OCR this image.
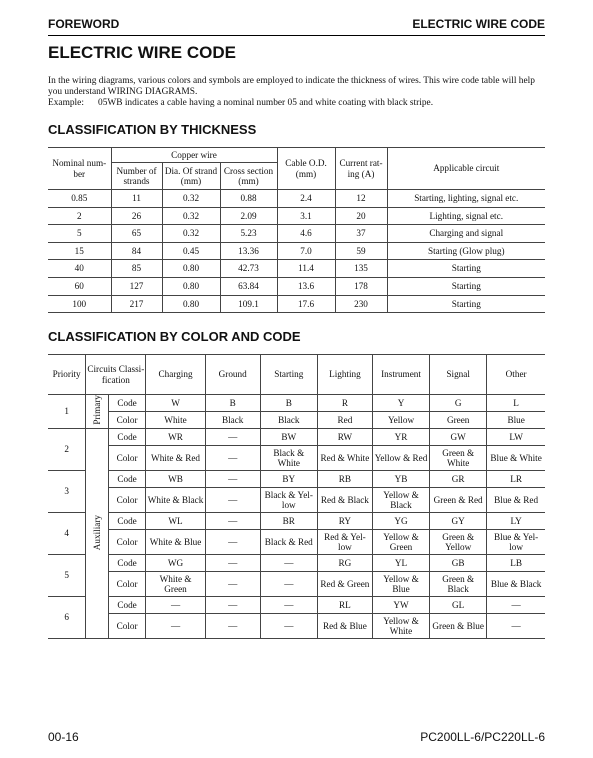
FOREWORD	ELECTRIC WIRE CODE
ELECTRIC WIRE CODE
In the wiring diagrams, various colors and symbols are employed to indicate the thickness of wires. This wire code table will help you understand WIRING DIAGRAMS.
Example: 05WB indicates a cable having a nominal number 05 and white coating with black stripe.
CLASSIFICATION BY THICKNESS
Nominal num-ber	Copper wire			Cable O.D. (mm)	Current rat-ing (A)	Applicable circuit
	Number of strands	Dia. Of strand (mm)	Cross section (mm)			
0.85	11	0.32	0.88	2.4	12	Starting, lighting, signal etc.
2	26	0.32	2.09	3.1	20	Lighting, signal etc.
5	65	0.32	5.23	4.6	37	Charging and signal
15	84	0.45	13.36	7.0	59	Starting (Glow plug)
40	85	0.80	42.73	11.4	135	Starting
60	127	0.80	63.84	13.6	178	Starting
100	217	0.80	109.1	17.6	230	Starting
CLASSIFICATION BY COLOR AND CODE
Priority	Circuits Classi-fication		Charging	Ground	Starting	Lighting	Instrument	Signal	Other
1	Primary	Code	W	B	B	R	Y	G	L
		Color	White	Black	Black	Red	Yellow	Green	Blue
2	Auxiliary	Code	WR	—	BW	RW	YR	GW	LW
		Color	White & Red	—	Black & White	Red & White	Yellow & Red	Green & White	Blue & White
3		Code	WB	—	BY	RB	YB	GR	LR
		Color	White & Black	—	Black & Yel-low	Red & Black	Yellow & Black	Green & Red	Blue & Red
4		Code	WL	—	BR	RY	YG	GY	LY
		Color	White & Blue	—	Black & Red	Red & Yel-low	Yellow & Green	Green & Yellow	Blue & Yel-low
5		Code	WG	—	—	RG	YL	GB	LB
		Color	White & Green	—	—	Red & Green	Yellow & Blue	Green & Black	Blue & Black
6		Code	—	—	—	RL	YW	GL	—
		Color	—	—	—	Red & Blue	Yellow & White	Green & Blue	—
00-16	PC200LL-6/PC220LL-6
